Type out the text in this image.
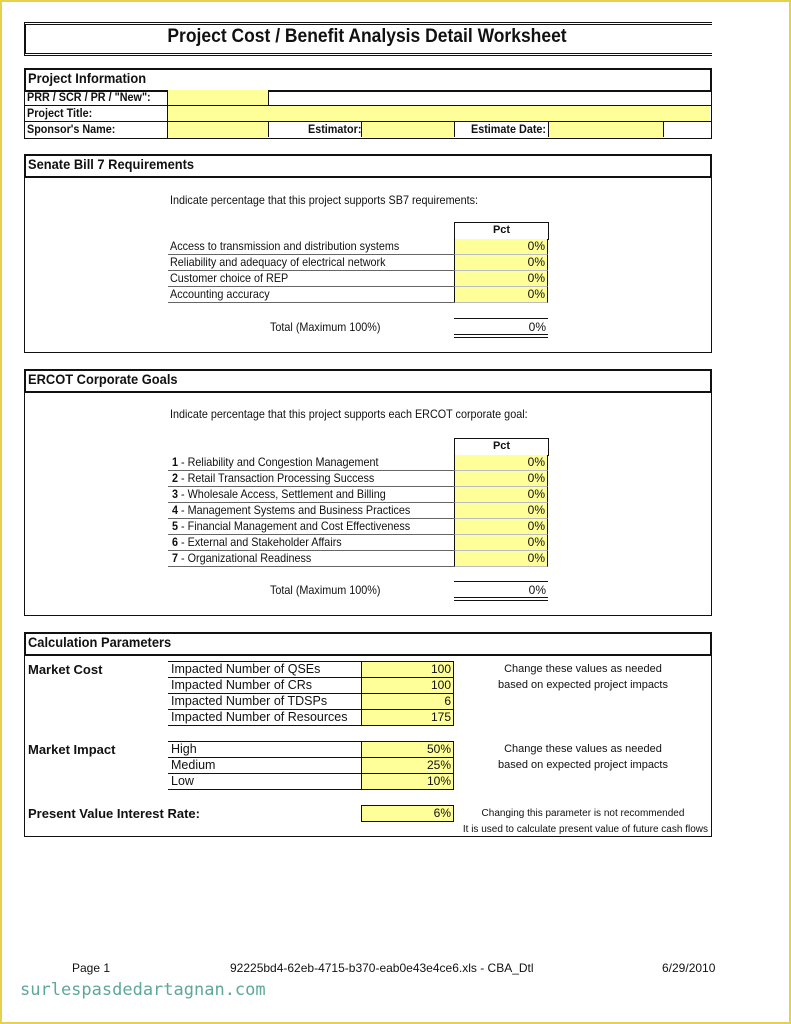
Project Cost / Benefit Analysis Detail Worksheet
Project Information
PRR / SCR / PR / "New":
Project Title:
Sponsor's Name:	Estimator:	Estimate Date:
Senate Bill 7 Requirements
Indicate percentage that this project supports SB7 requirements:
Pct
Access to transmission and distribution systems	0%
Reliability and adequacy of electrical network	0%
Customer choice of REP	0%
Accounting accuracy	0%
Total (Maximum 100%)	0%
ERCOT Corporate Goals
Indicate percentage that this project supports each ERCOT corporate goal:
Pct
1 - Reliability and Congestion Management	0%
2 - Retail Transaction Processing Success	0%
3 - Wholesale Access, Settlement and Billing	0%
4 - Management Systems and Business Practices	0%
5 - Financial Management and Cost Effectiveness	0%
6 - External and Stakeholder Affairs	0%
7 - Organizational Readiness	0%
Total (Maximum 100%)	0%
Calculation Parameters
Market Cost	Impacted Number of QSEs	100
Impacted Number of CRs	100
Impacted Number of TDSPs	6
Impacted Number of Resources	175
Change these values as needed
based on expected project impacts
Market Impact	High	50%
Medium	25%
Low	10%
Change these values as needed
based on expected project impacts
Present Value Interest Rate:	6%	Changing this parameter is not recommended
It is used to calculate present value of future cash flows
Page 1	92225bd4-62eb-4715-b370-eab0e43e4ce6.xls - CBA_Dtl	6/29/2010
surlespasdedartagnan.com
